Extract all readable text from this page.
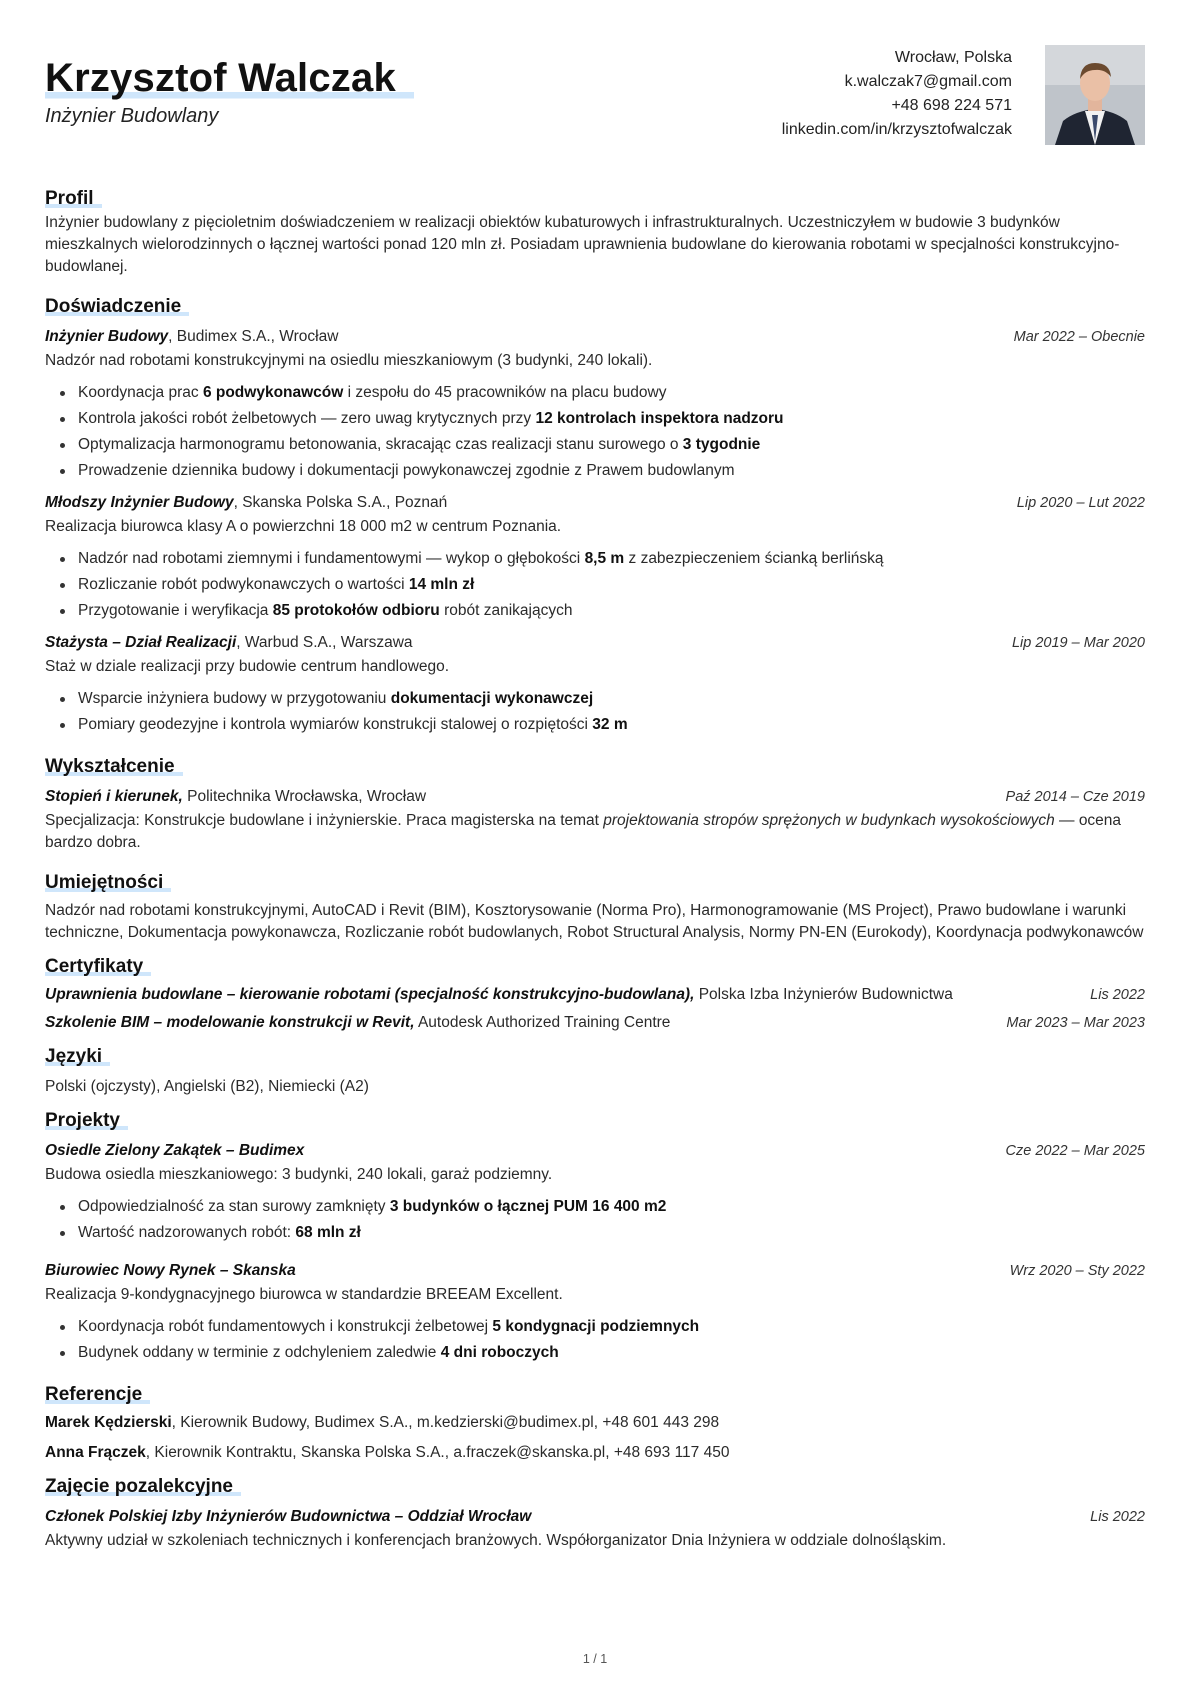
Krzysztof Walczak
Inżynier Budowlany
Wrocław, Polska
k.walczak7@gmail.com
+48 698 224 571
linkedin.com/in/krzysztofwalczak
Profil
Inżynier budowlany z pięcioletnim doświadczeniem w realizacji obiektów kubaturowych i infrastrukturalnych. Uczestniczyłem w budowie 3 budynków mieszkalnych wielorodzinnych o łącznej wartości ponad 120 mln zł. Posiadam uprawnienia budowlane do kierowania robotami w specjalności konstrukcyjno-budowlanej.
Doświadczenie
Inżynier Budowy, Budimex S.A., Wrocław	Mar 2022 – Obecnie
Nadzór nad robotami konstrukcyjnymi na osiedlu mieszkaniowym (3 budynki, 240 lokali).
Koordynacja prac 6 podwykonawców i zespołu do 45 pracowników na placu budowy
Kontrola jakości robót żelbetowych — zero uwag krytycznych przy 12 kontrolach inspektora nadzoru
Optymalizacja harmonogramu betonowania, skracając czas realizacji stanu surowego o 3 tygodnie
Prowadzenie dziennika budowy i dokumentacji powykonawczej zgodnie z Prawem budowlanym
Młodszy Inżynier Budowy, Skanska Polska S.A., Poznań	Lip 2020 – Lut 2022
Realizacja biurowca klasy A o powierzchni 18 000 m2 w centrum Poznania.
Nadzór nad robotami ziemnymi i fundamentowymi — wykop o głębokości 8,5 m z zabezpieczeniem ścianką berlińską
Rozliczanie robót podwykonawczych o wartości 14 mln zł
Przygotowanie i weryfikacja 85 protokołów odbioru robót zanikających
Stażysta – Dział Realizacji, Warbud S.A., Warszawa	Lip 2019 – Mar 2020
Staż w dziale realizacji przy budowie centrum handlowego.
Wsparcie inżyniera budowy w przygotowaniu dokumentacji wykonawczej
Pomiary geodezyjne i kontrola wymiarów konstrukcji stalowej o rozpiętości 32 m
Wykształcenie
Stopień i kierunek, Politechnika Wrocławska, Wrocław	Paź 2014 – Cze 2019
Specjalizacja: Konstrukcje budowlane i inżynierskie. Praca magisterska na temat projektowania stropów sprężonych w budynkach wysokościowych — ocena bardzo dobra.
Umiejętności
Nadzór nad robotami konstrukcyjnymi, AutoCAD i Revit (BIM), Kosztorysowanie (Norma Pro), Harmonogramowanie (MS Project), Prawo budowlane i warunki techniczne, Dokumentacja powykonawcza, Rozliczanie robót budowlanych, Robot Structural Analysis, Normy PN-EN (Eurokody), Koordynacja podwykonawców
Certyfikaty
Uprawnienia budowlane – kierowanie robotami (specjalność konstrukcyjno-budowlana), Polska Izba Inżynierów Budownictwa	Lis 2022
Szkolenie BIM – modelowanie konstrukcji w Revit, Autodesk Authorized Training Centre	Mar 2023 – Mar 2023
Języki
Polski (ojczysty), Angielski (B2), Niemiecki (A2)
Projekty
Osiedle Zielony Zakątek – Budimex	Cze 2022 – Mar 2025
Budowa osiedla mieszkaniowego: 3 budynki, 240 lokali, garaż podziemny.
Odpowiedzialność za stan surowy zamknięty 3 budynków o łącznej PUM 16 400 m2
Wartość nadzorowanych robót: 68 mln zł
Biurowiec Nowy Rynek – Skanska	Wrz 2020 – Sty 2022
Realizacja 9-kondygnacyjnego biurowca w standardzie BREEAM Excellent.
Koordynacja robót fundamentowych i konstrukcji żelbetowej 5 kondygnacji podziemnych
Budynek oddany w terminie z odchyleniem zaledwie 4 dni roboczych
Referencje
Marek Kędzierski, Kierownik Budowy, Budimex S.A., m.kedzierski@budimex.pl, +48 601 443 298
Anna Frączek, Kierownik Kontraktu, Skanska Polska S.A., a.fraczek@skanska.pl, +48 693 117 450
Zajęcie pozalekcyjne
Członek Polskiej Izby Inżynierów Budownictwa – Oddział Wrocław	Lis 2022
Aktywny udział w szkoleniach technicznych i konferencjach branżowych. Współorganizator Dnia Inżyniera w oddziale dolnośląskim.
1 / 1
